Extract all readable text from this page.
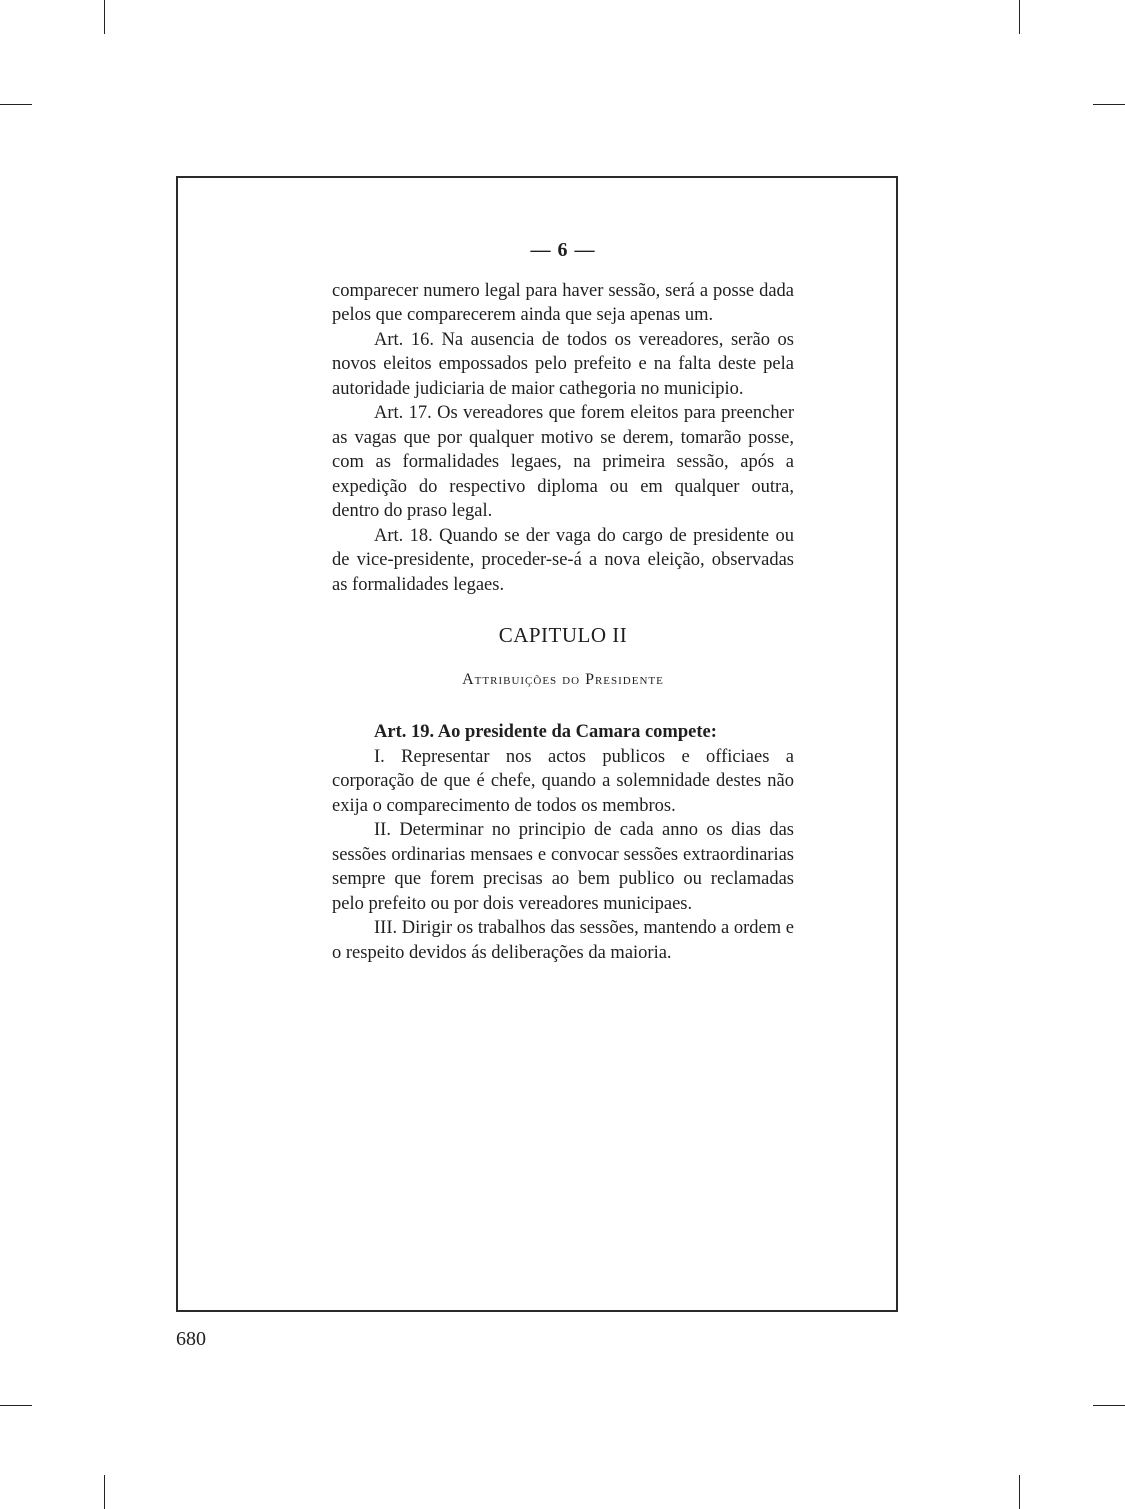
— 6 —

comparecer numero legal para haver sessão, será a posse dada pelos que comparecerem ainda que seja apenas um.

Art. 16. Na ausencia de todos os vereadores, serão os novos eleitos empossados pelo prefeito e na falta deste pela autoridade judiciaria de maior cathegoria no municipio.

Art. 17. Os vereadores que forem eleitos para preencher as vagas que por qualquer motivo se derem, tomarão posse, com as formalidades legaes, na primeira sessão, após a expedição do respectivo diploma ou em qualquer outra, dentro do praso legal.

Art. 18. Quando se der vaga do cargo de presidente ou de vice-presidente, proceder-se-á a nova eleição, observadas as formalidades legaes.

CAPITULO II
Attribuições do Presidente

Art. 19. Ao presidente da Camara compete:

I. Representar nos actos publicos e officiaes a corporação de que é chefe, quando a solemnidade destes não exija o comparecimento de todos os membros.

II. Determinar no principio de cada anno os dias das sessões ordinarias mensaes e convocar sessões extraordinarias sempre que forem precisas ao bem publico ou reclamadas pelo prefeito ou por dois vereadores municipaes.

III. Dirigir os trabalhos das sessões, mantendo a ordem e o respeito devidos ás deliberações da maioria.

680
